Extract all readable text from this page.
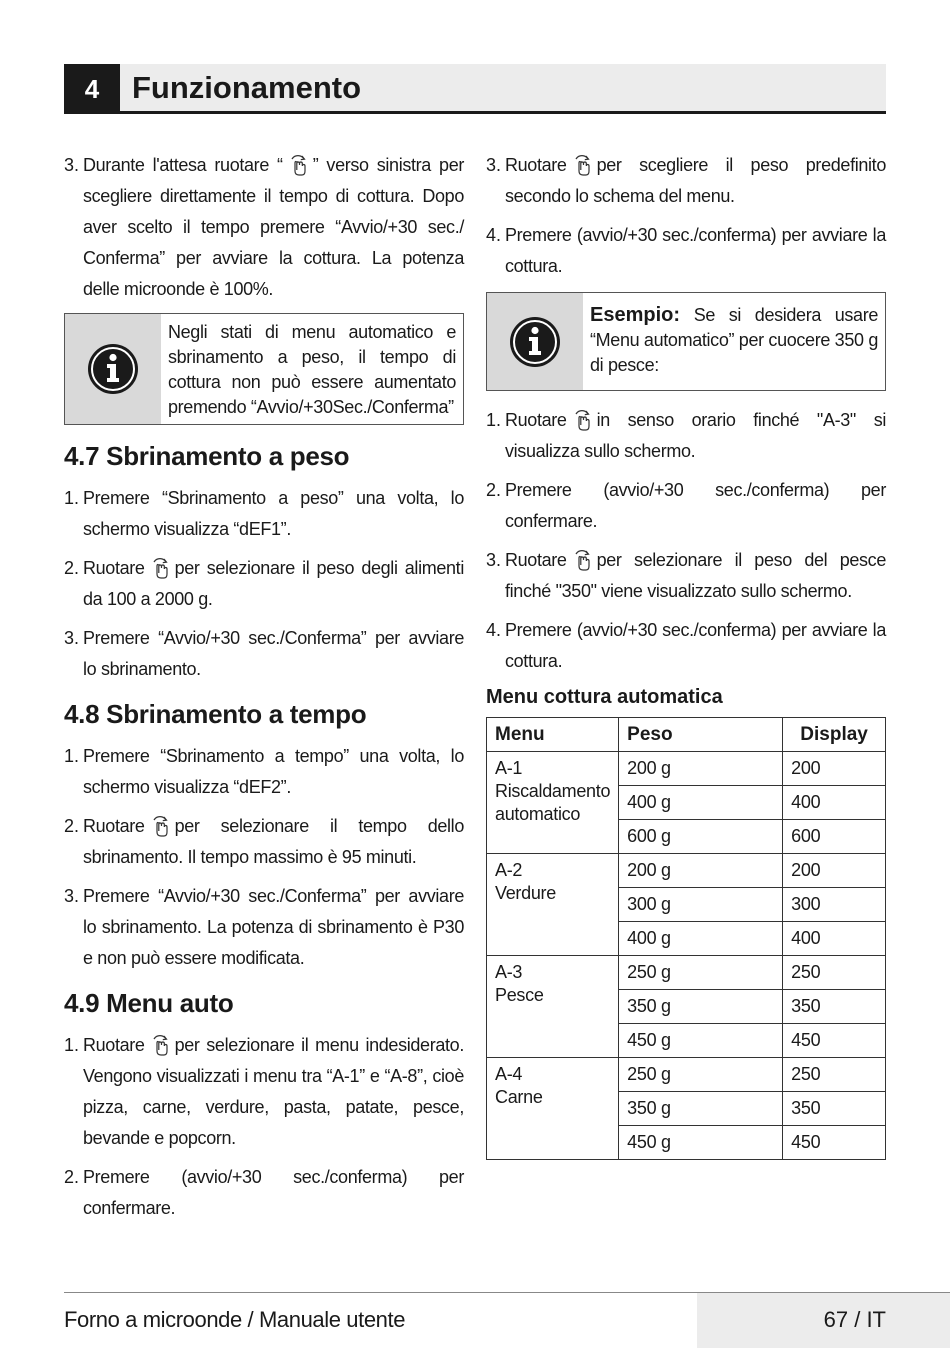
4	Funzionamento
3. Durante l'attesa ruotare “ ” verso sinistra per scegliere direttamente il tempo di cottura. Dopo aver scelto il tempo premere “Avvio/+30 sec./ Conferma” per avviare la cottura. La potenza delle microonde è 100%.
Negli stati di menu automatico e sbrinamento a peso, il tempo di cottura non può essere aumentato premendo “Avvio/+30Sec./Conferma”
4.7 Sbrinamento a peso
1. Premere “Sbrinamento a peso” una volta, lo schermo visualizza “dEF1”.
2. Ruotare per selezionare il peso degli alimenti da 100 a 2000 g.
3. Premere “Avvio/+30 sec./Conferma” per avviare lo sbrinamento.
4.8 Sbrinamento a tempo
1. Premere “Sbrinamento a tempo” una volta, lo schermo visualizza “dEF2”.
2. Ruotare per selezionare il tempo dello sbrinamento. Il tempo massimo è 95 minuti.
3. Premere “Avvio/+30 sec./Conferma” per avviare lo sbrinamento. La potenza di sbrinamento è P30 e non può essere modificata.
4.9 Menu auto
1. Ruotare per selezionare il menu indesiderato. Vengono visualizzati i menu tra “A-1” e “A-8”, cioè pizza, carne, verdure, pasta, patate, pesce, bevande e popcorn.
2. Premere (avvio/+30 sec./conferma) per confermare.
3. Ruotare per scegliere il peso predefinito secondo lo schema del menu.
4. Premere (avvio/+30 sec./conferma) per avviare la cottura.
Esempio: Se si desidera usare “Menu automatico” per cuocere 350 g di pesce:
1. Ruotare in senso orario finché "A-3" si visualizza sullo schermo.
2. Premere (avvio/+30 sec./conferma) per confermare.
3. Ruotare per selezionare il peso del pesce finché "350" viene visualizzato sullo schermo.
4. Premere (avvio/+30 sec./conferma) per avviare la cottura.
Menu cottura automatica
Menu	Peso	Display

A-1
Riscaldamento automatico	200 g	200
	400 g	400
	600 g	600

A-2
Verdure	200 g	200
	300 g	300
	400 g	400

A-3
Pesce	250 g	250
	350 g	350
	450 g	450

A-4
Carne	250 g	250
	350 g	350
	450 g	450
Forno a microonde / Manuale utente	67 / IT
